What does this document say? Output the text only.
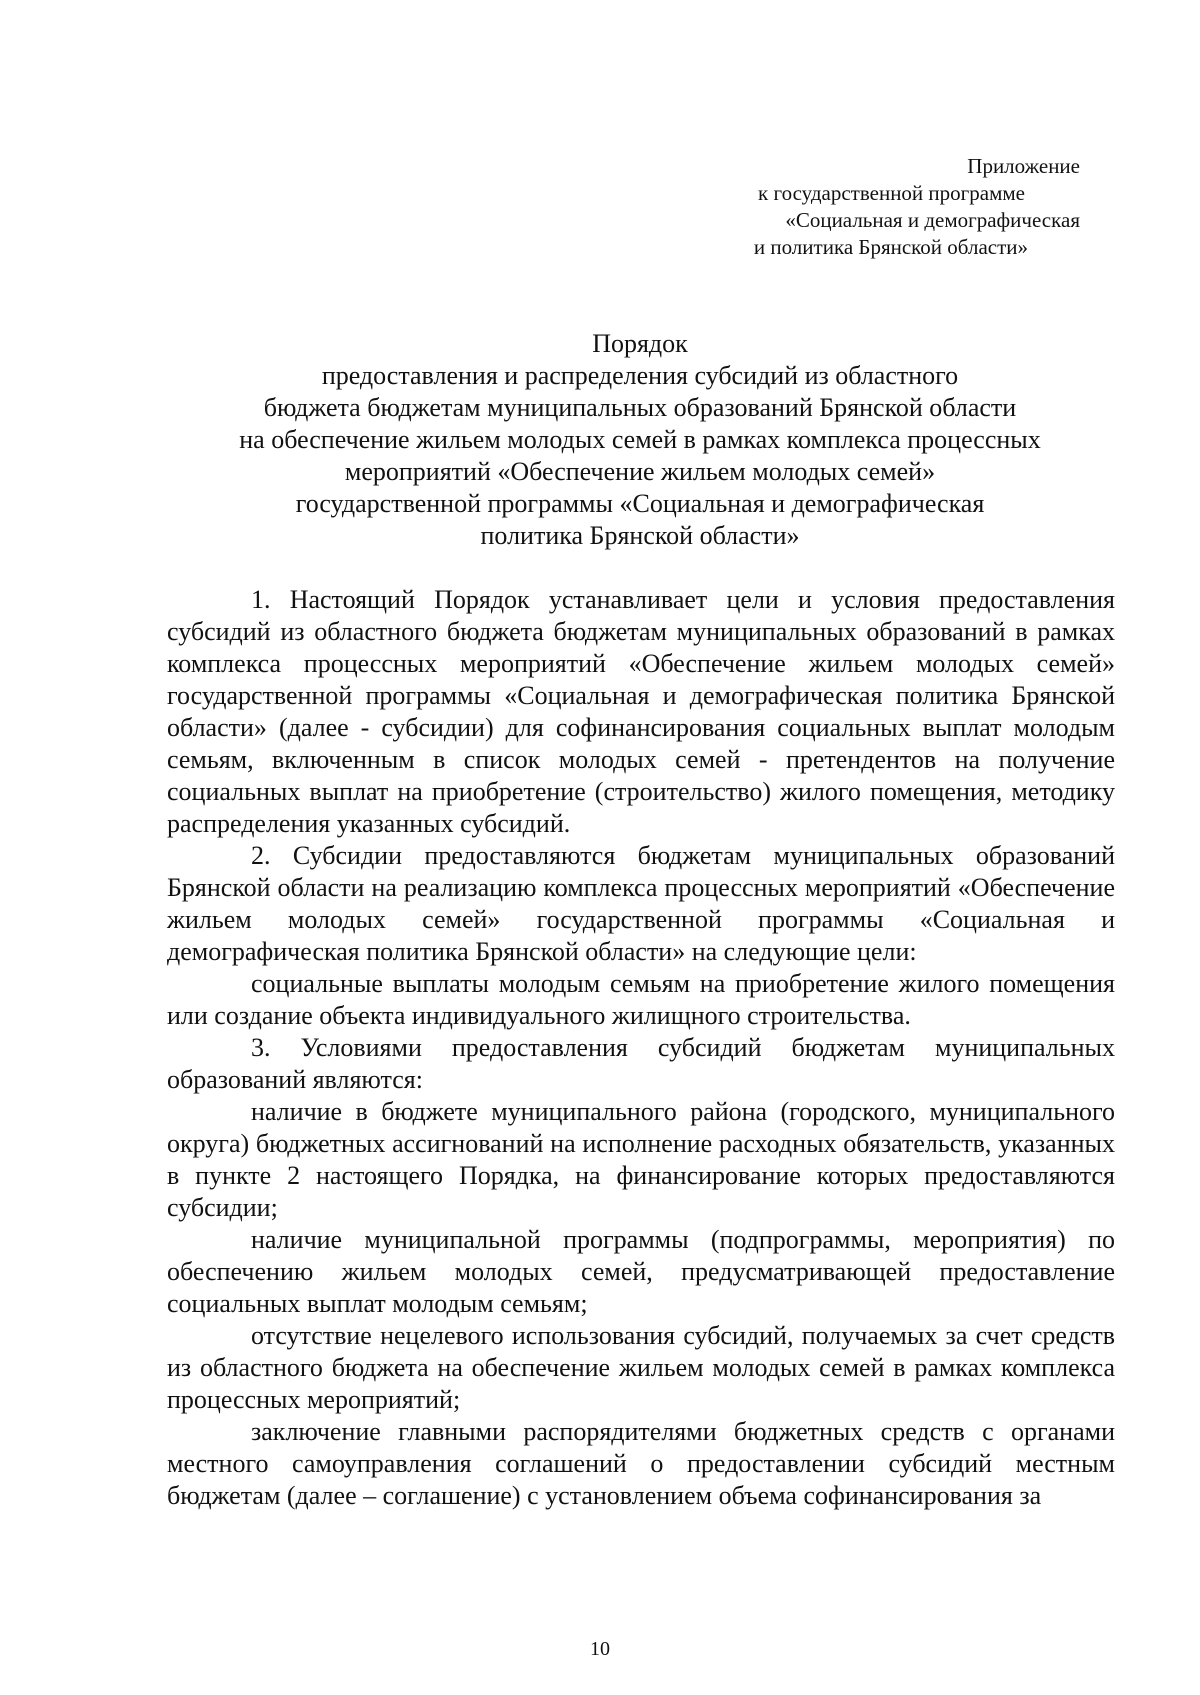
Приложение
к государственной программе
«Социальная и демографическая
и политика Брянской области»
Порядок
предоставления и распределения субсидий из областного
бюджета бюджетам муниципальных образований Брянской области
на обеспечение жильем молодых семей в рамках комплекса процессных
мероприятий «Обеспечение жильем молодых семей»
государственной программы «Социальная и демографическая
политика Брянской области»

1. Настоящий Порядок устанавливает цели и условия предоставления субсидий из областного бюджета бюджетам муниципальных образований в рамках комплекса процессных мероприятий «Обеспечение жильем молодых семей» государственной программы «Социальная и демографическая политика Брянской области» (далее - субсидии) для софинансирования социальных выплат молодым семьям, включенным в список молодых семей - претендентов на получение социальных выплат на приобретение (строительство) жилого помещения, методику распределения указанных субсидий.

2. Субсидии предоставляются бюджетам муниципальных образований Брянской области на реализацию комплекса процессных мероприятий «Обеспечение жильем молодых семей» государственной программы «Социальная и демографическая политика Брянской области» на следующие цели:

социальные выплаты молодым семьям на приобретение жилого помещения или создание объекта индивидуального жилищного строительства.

3. Условиями предоставления субсидий бюджетам муниципальных образований являются:

наличие в бюджете муниципального района (городского, муниципального округа) бюджетных ассигнований на исполнение расходных обязательств, указанных в пункте 2 настоящего Порядка, на финансирование которых предоставляются субсидии;

наличие муниципальной программы (подпрограммы, мероприятия) по обеспечению жильем молодых семей, предусматривающей предоставление социальных выплат молодым семьям;

отсутствие нецелевого использования субсидий, получаемых за счет средств из областного бюджета на обеспечение жильем молодых семей в рамках комплекса процессных мероприятий;

заключение главными распорядителями бюджетных средств с органами местного самоуправления соглашений о предоставлении субсидий местным бюджетам (далее – соглашение) с установлением объема софинансирования за

10
